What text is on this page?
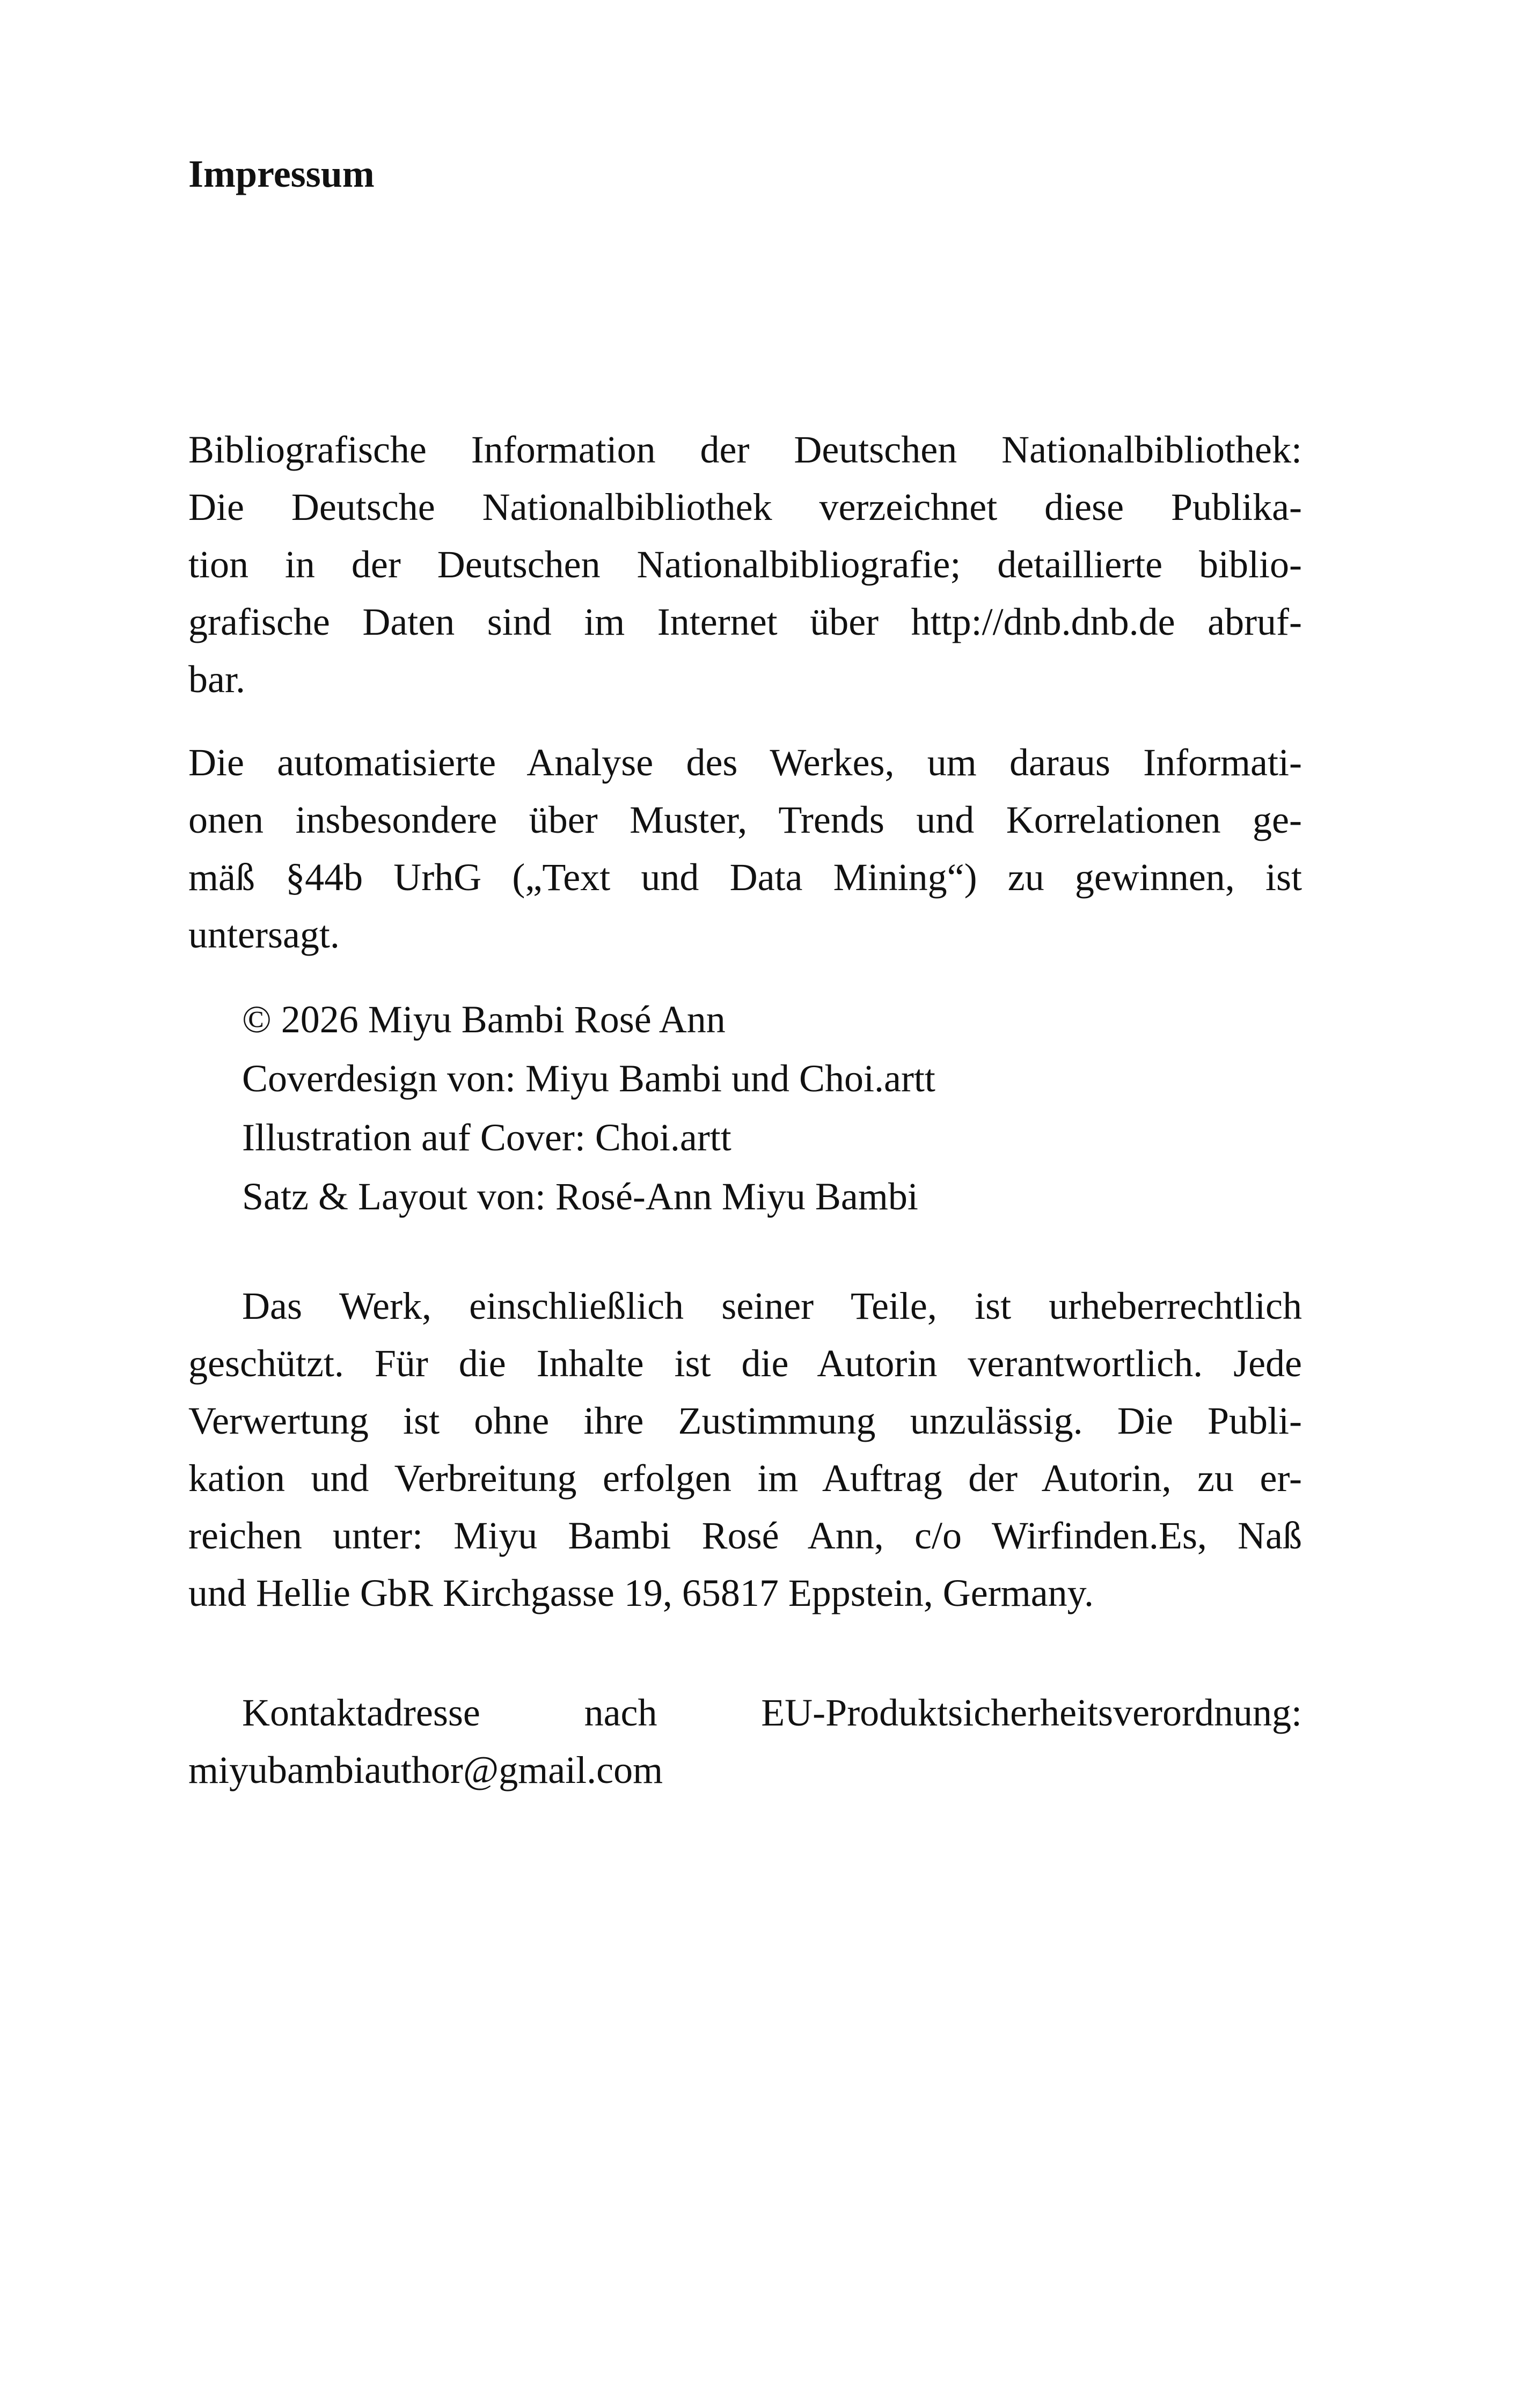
Impressum
Bibliografische Information der Deutschen Nationalbibliothek:
Die Deutsche Nationalbibliothek verzeichnet diese Publika-
tion in der Deutschen Nationalbibliografie; detaillierte biblio-
grafische Daten sind im Internet über http://dnb.dnb.de abruf-
bar.
Die automatisierte Analyse des Werkes, um daraus Informati-
onen insbesondere über Muster, Trends und Korrelationen ge-
mäß §44b UrhG („Text und Data Mining“) zu gewinnen, ist
untersagt.
© 2026 Miyu Bambi Rosé Ann
Coverdesign von: Miyu Bambi und Choi.artt
Illustration auf Cover: Choi.artt
Satz & Layout von: Rosé-Ann Miyu Bambi
Das Werk, einschließlich seiner Teile, ist urheberrechtlich
geschützt. Für die Inhalte ist die Autorin verantwortlich. Jede
Verwertung ist ohne ihre Zustimmung unzulässig. Die Publi-
kation und Verbreitung erfolgen im Auftrag der Autorin, zu er-
reichen unter: Miyu Bambi Rosé Ann, c/o Wirfinden.Es, Naß
und Hellie GbR Kirchgasse 19, 65817 Eppstein, Germany.
Kontaktadresse nach EU-Produktsicherheitsverordnung:
miyubambiauthor@gmail.com
